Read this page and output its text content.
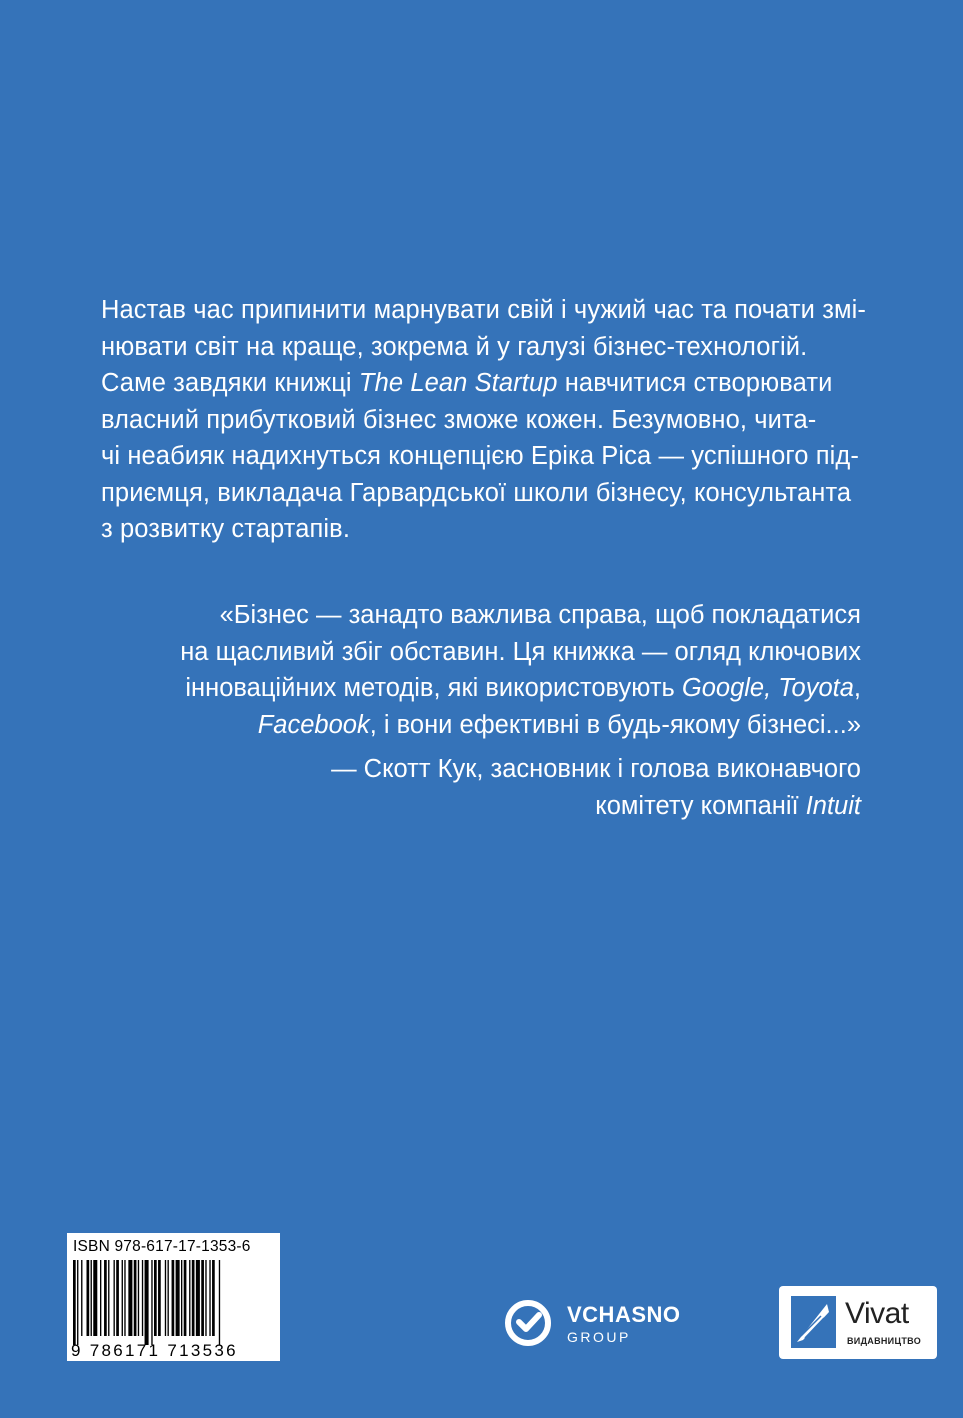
Настав час припинити марнувати свій і чужий час та почати змі-
нювати світ на краще, зокрема й у галузі бізнес-технологій.
Саме завдяки книжці The Lean Startup навчитися створювати
власний прибутковий бізнес зможе кожен. Безумовно, чита-
чі неабияк надихнуться концепцією Еріка Ріса — успішного під-
приємця, викладача Гарвардської школи бізнесу, консультанта
з розвитку стартапів.

«Бізнес — занадто важлива справа, щоб покладатися
на щасливий збіг обставин. Ця книжка — огляд ключових
інноваційних методів, які використовують Google, Toyota,
Facebook, і вони ефективні в будь-якому бізнесі...»

— Скотт Кук, засновник і голова виконавчого
комітету компанії Intuit

ISBN 978-617-17-1353-6
9 786171 713536
VCHASNO
GROUP
Vivat
ВИДАВНИЦТВО
